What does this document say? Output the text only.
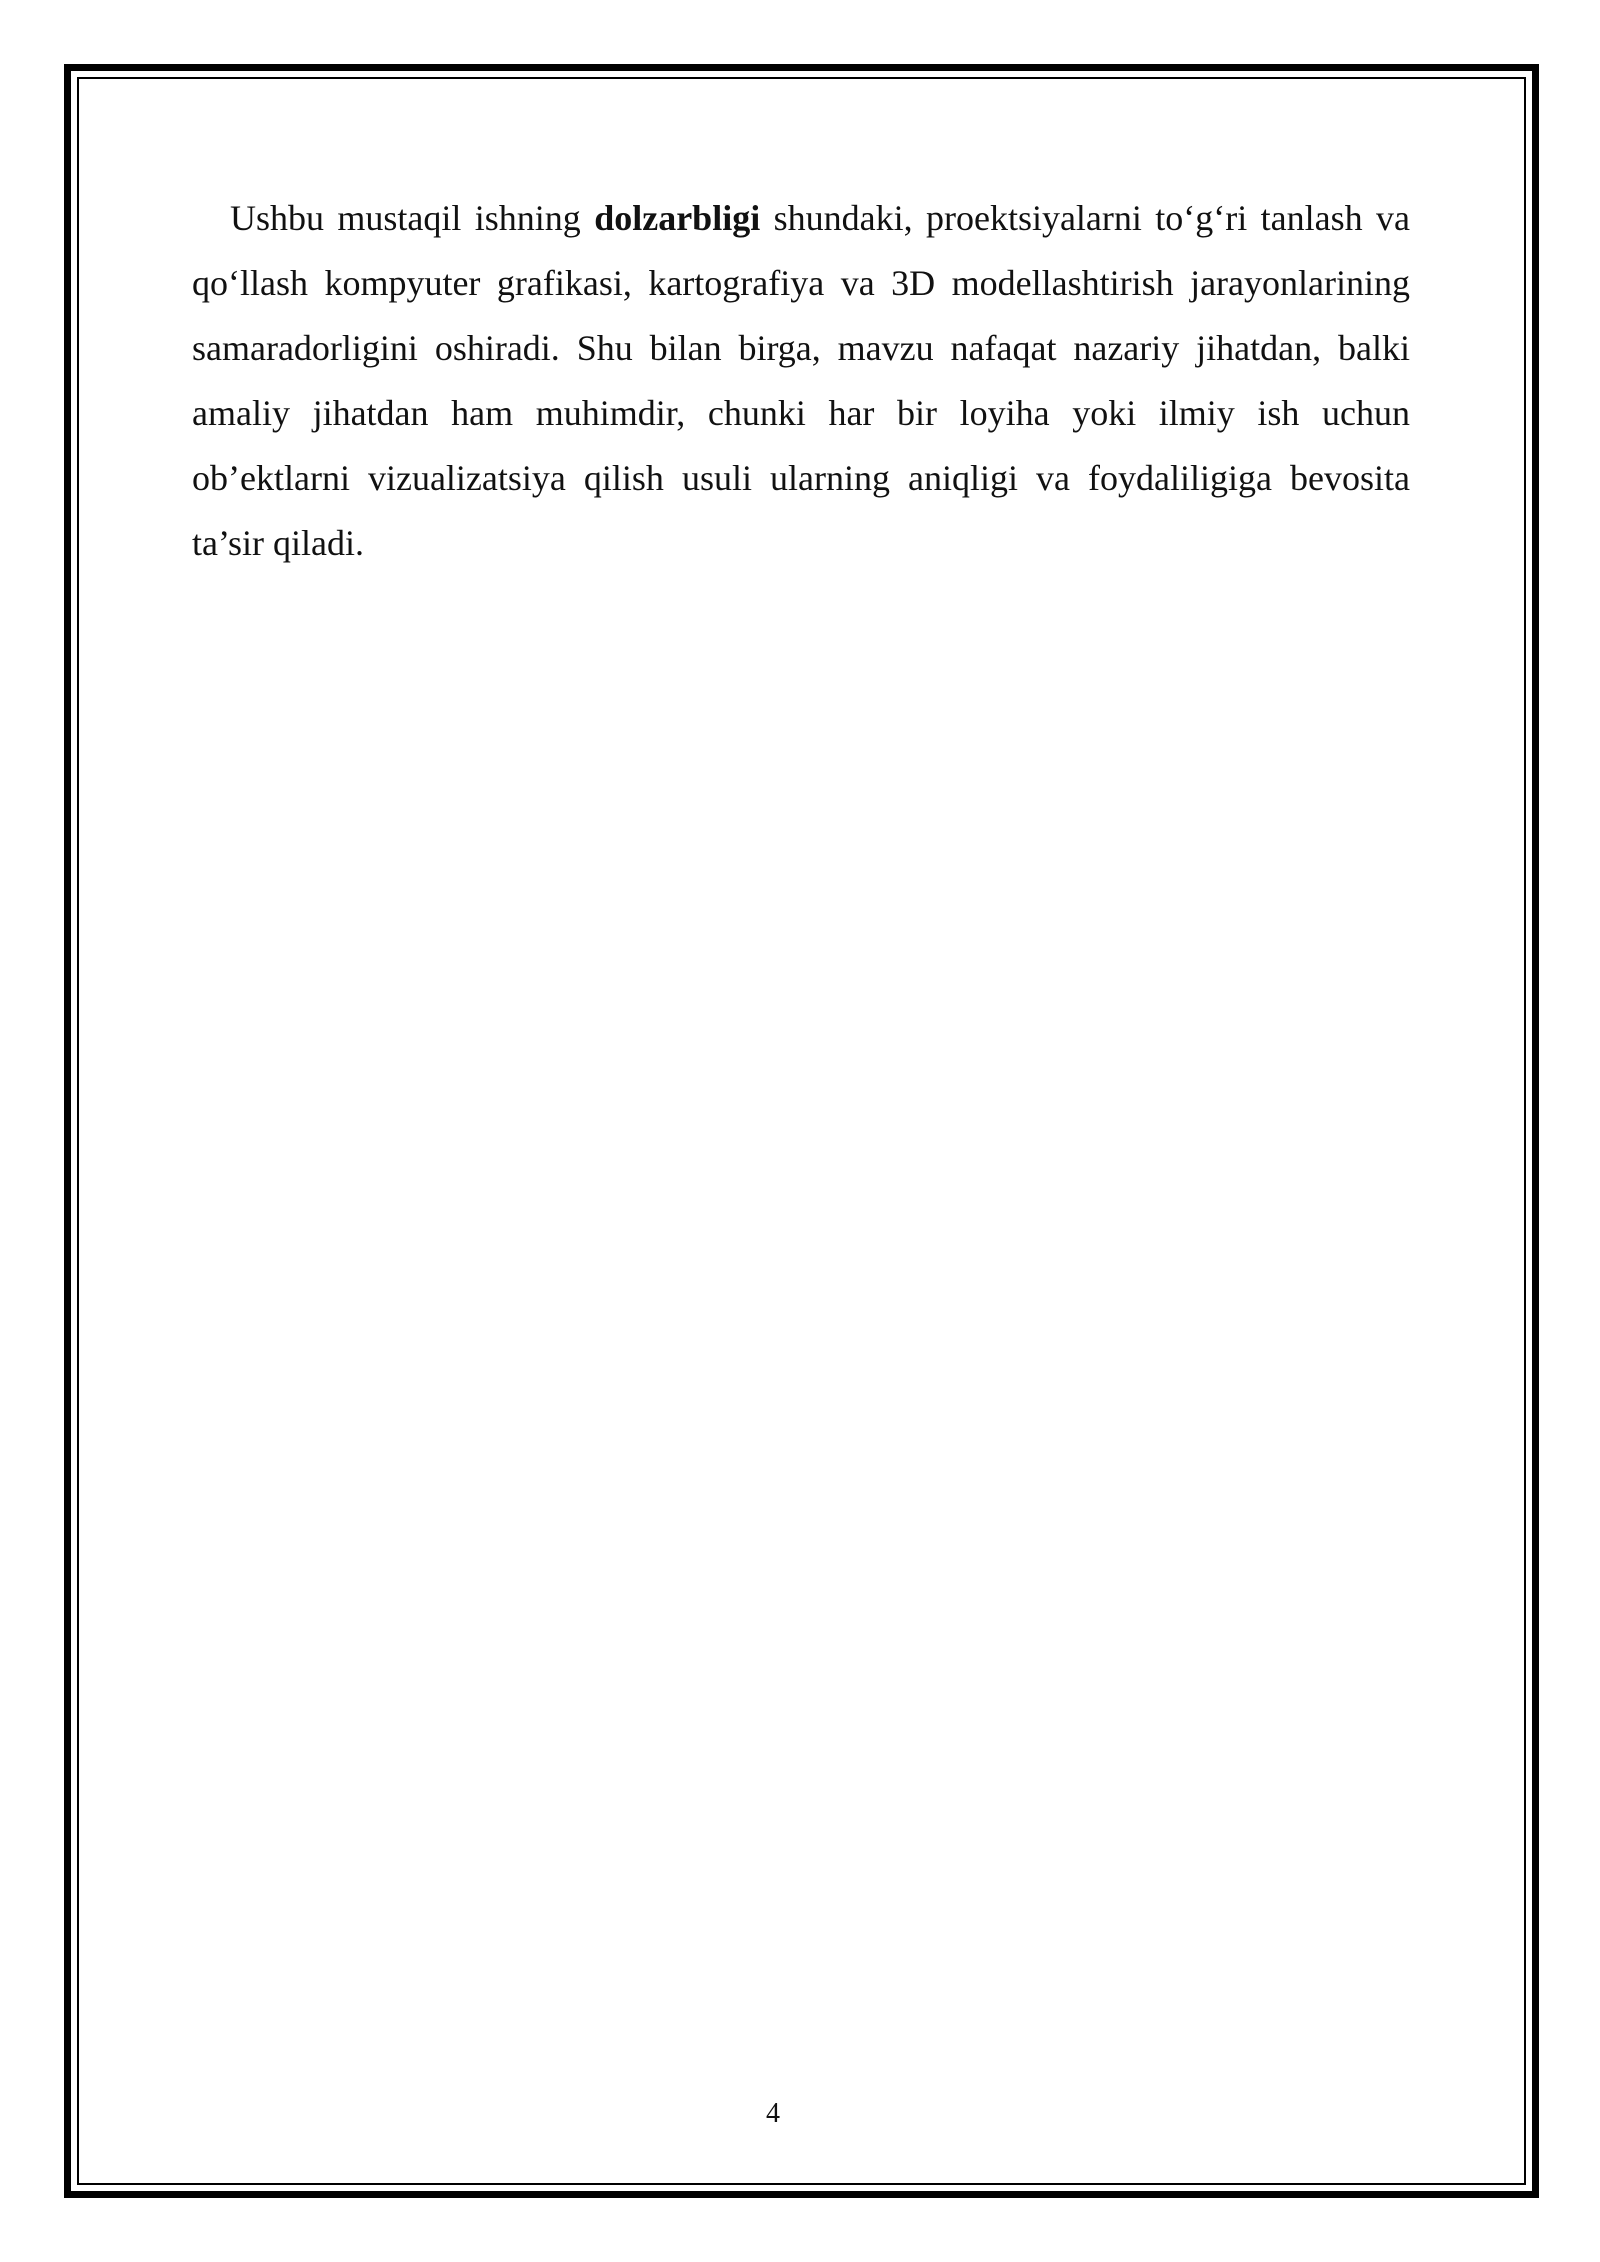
Ushbu mustaqil ishning dolzarbligi shundaki, proektsiyalarni to‘g‘ri tanlash va qo‘llash kompyuter grafikasi, kartografiya va 3D modellashtirish jarayonlarining samaradorligini oshiradi. Shu bilan birga, mavzu nafaqat nazariy jihatdan, balki amaliy jihatdan ham muhimdir, chunki har bir loyiha yoki ilmiy ish uchun ob’ektlarni vizualizatsiya qilish usuli ularning aniqligi va foydaliligiga bevosita ta’sir qiladi.

4
